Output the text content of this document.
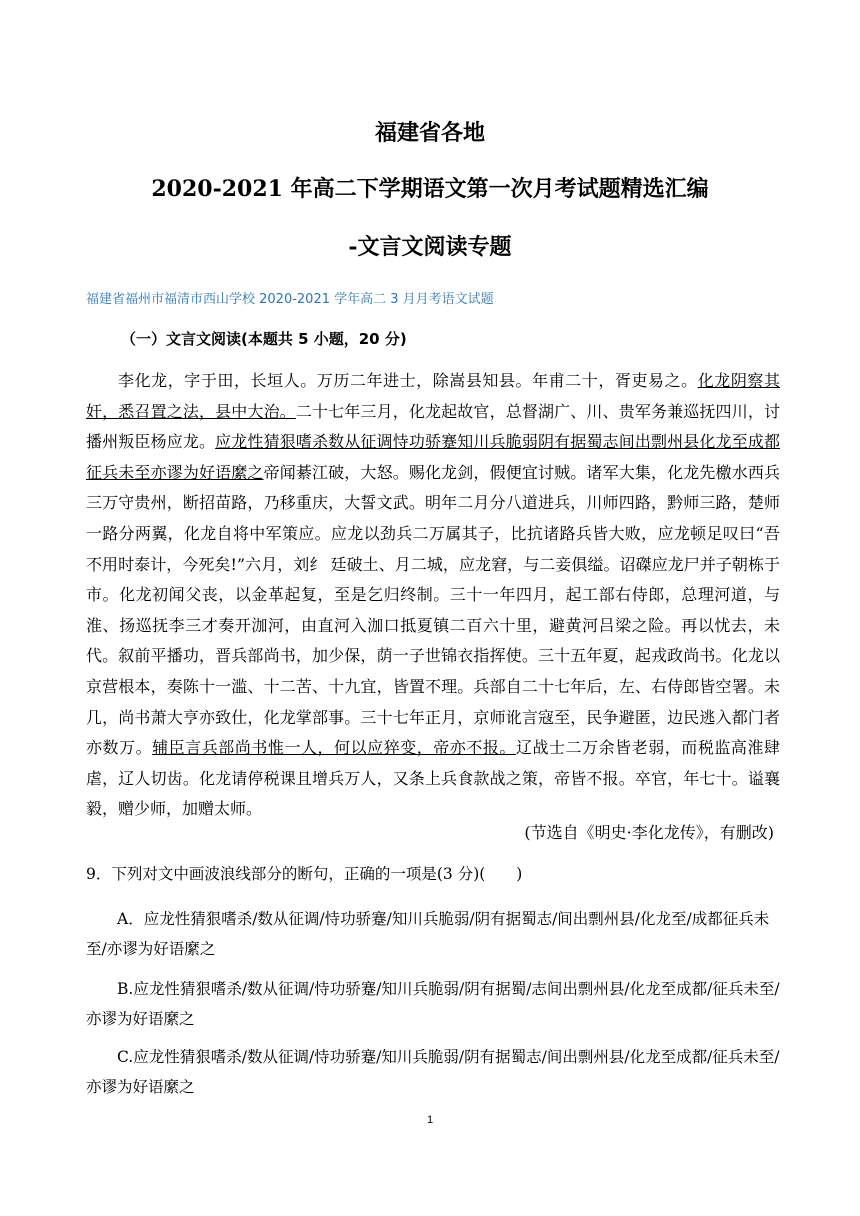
福建省各地
2020-2021 年高二下学期语文第一次月考试题精选汇编
-文言文阅读专题
福建省福州市福清市西山学校 2020-2021 学年高二 3 月月考语文试题
（一）文言文阅读(本题共 5 小题，20 分)
李化龙，字于田，长垣人。万历二年进士，除嵩县知县。年甫二十，胥吏易之。化龙阴察其奸，悉召置之法，县中大治。二十七年三月，化龙起故官，总督湖广、川、贵军务兼巡抚四川，讨播州叛臣杨应龙。应龙性猜狠嗜杀数从征调恃功骄蹇知川兵脆弱阴有据蜀志间出剽州县化龙至成都征兵未至亦谬为好语縻之帝闻綦江破，大怒。赐化龙剑，假便宜讨贼。诸军大集，化龙先檄水西兵三万守贵州，断招苗路，乃移重庆，大誓文武。明年二月分八道进兵，川师四路，黔师三路，楚师一路分两翼，化龙自将中军策应。应龙以劲兵二万属其子，比抗诸路兵皆大败，应龙顿足叹曰“吾不用时泰计，今死矣!”六月，刘纟 廷破土、月二城，应龙窘，与二妾俱缢。诏磔应龙尸并子朝栋于市。化龙初闻父丧，以金革起复，至是乞归终制。三十一年四月，起工部右侍郎，总理河道，与淮、扬巡抚李三才奏开泇河，由直河入泇口抵夏镇二百六十里，避黄河吕梁之险。再以忧去，未代。叙前平播功，晋兵部尚书，加少保，荫一子世锦衣指挥使。三十五年夏，起戎政尚书。化龙以京营根本，奏陈十一滥、十二苦、十九宜，皆置不理。兵部自二十七年后，左、右侍郎皆空署。未几，尚书萧大亨亦致仕，化龙掌部事。三十七年正月，京师讹言寇至，民争避匿，边民逃入都门者亦数万。辅臣言兵部尚书惟一人，何以应猝变，帝亦不报。辽战士二万余皆老弱，而税监高淮肆虐，辽人切齿。化龙请停税课且增兵万人，又条上兵食款战之策，帝皆不报。卒官，年七十。谥襄毅，赠少师，加赠太师。
(节选自《明史·李化龙传》，有删改)
9．下列对文中画波浪线部分的断句，正确的一项是(3 分)(　　)
A．应龙性猜狠嗜杀/数从征调/恃功骄蹇/知川兵脆弱/阴有据蜀志/间出剽州县/化龙至/成都征兵未至/亦谬为好语縻之
B.应龙性猜狠嗜杀/数从征调/恃功骄蹇/知川兵脆弱/阴有据蜀/志间出剽州县/化龙至成都/征兵未至/亦谬为好语縻之
C.应龙性猜狠嗜杀/数从征调/恃功骄蹇/知川兵脆弱/阴有据蜀志/间出剽州县/化龙至成都/征兵未至/亦谬为好语縻之
1
